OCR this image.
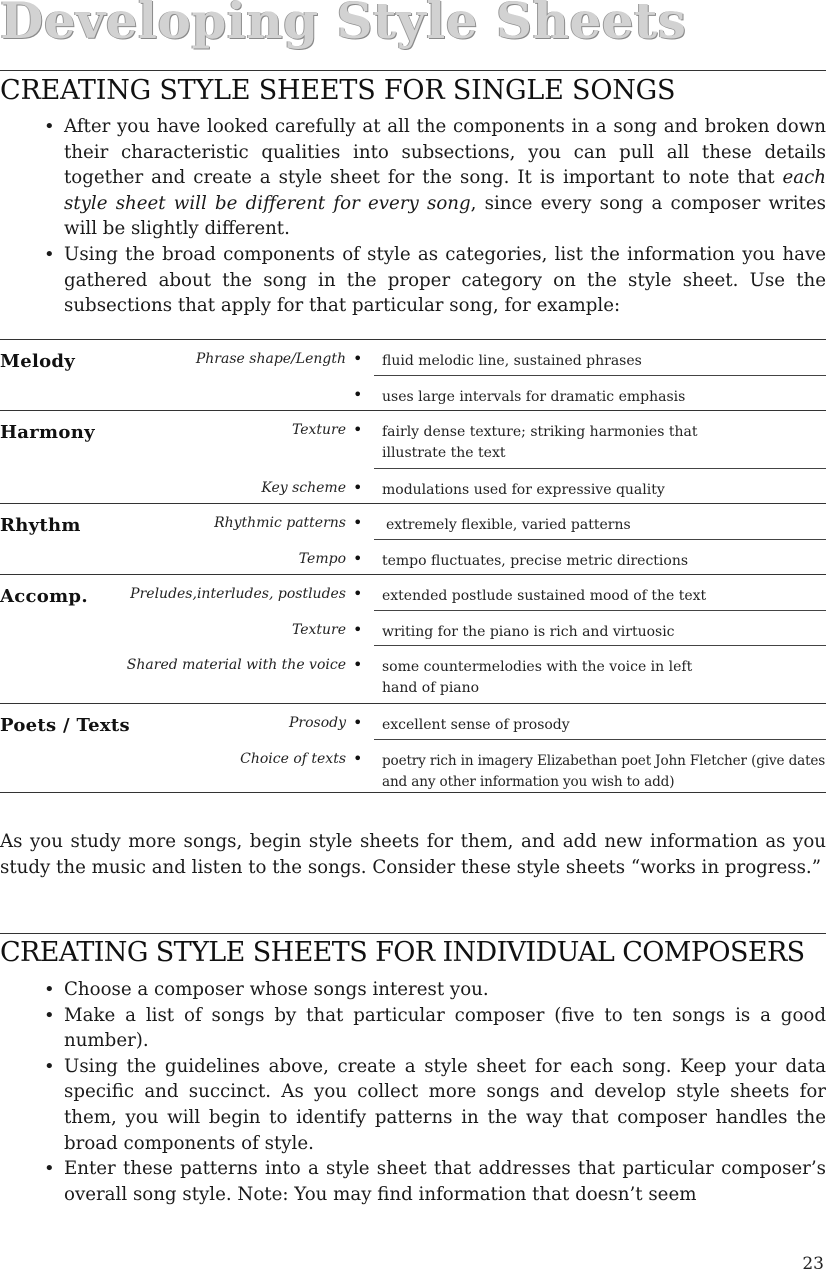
Developing Style Sheets
CREATING STYLE SHEETS FOR SINGLE SONGS
• After you have looked carefully at all the components in a song and broken down their characteristic qualities into subsections, you can pull all these details together and create a style sheet for the song. It is important to note that each style sheet will be different for every song, since every song a composer writes will be slightly different.
• Using the broad components of style as categories, list the information you have gathered about the song in the proper category on the style sheet. Use the subsections that apply for that particular song, for example:
Melody	Phrase shape/Length • fluid melodic line, sustained phrases
• uses large intervals for dramatic emphasis
Harmony	Texture • fairly dense texture; striking harmonies that illustrate the text
Key scheme • modulations used for expressive quality
Rhythm	Rhythmic patterns • extremely flexible, varied patterns
Tempo • tempo fluctuates, precise metric directions
Accomp.	Preludes,interludes, postludes • extended postlude sustained mood of the text
Texture • writing for the piano is rich and virtuosic
Shared material with the voice • some countermelodies with the voice in left hand of piano
Poets / Texts	Prosody • excellent sense of prosody
Choice of texts • poetry rich in imagery Elizabethan poet John Fletcher (give dates and any other information you wish to add)

As you study more songs, begin style sheets for them, and add new information as you study the music and listen to the songs. Consider these style sheets “works in progress.”

CREATING STYLE SHEETS FOR INDIVIDUAL COMPOSERS
• Choose a composer whose songs interest you.
• Make a list of songs by that particular composer (five to ten songs is a good number).
• Using the guidelines above, create a style sheet for each song. Keep your data specific and succinct. As you collect more songs and develop style sheets for them, you will begin to identify patterns in the way that composer handles the broad components of style.
• Enter these patterns into a style sheet that addresses that particular composer’s overall song style. Note: You may find information that doesn’t seem
23
